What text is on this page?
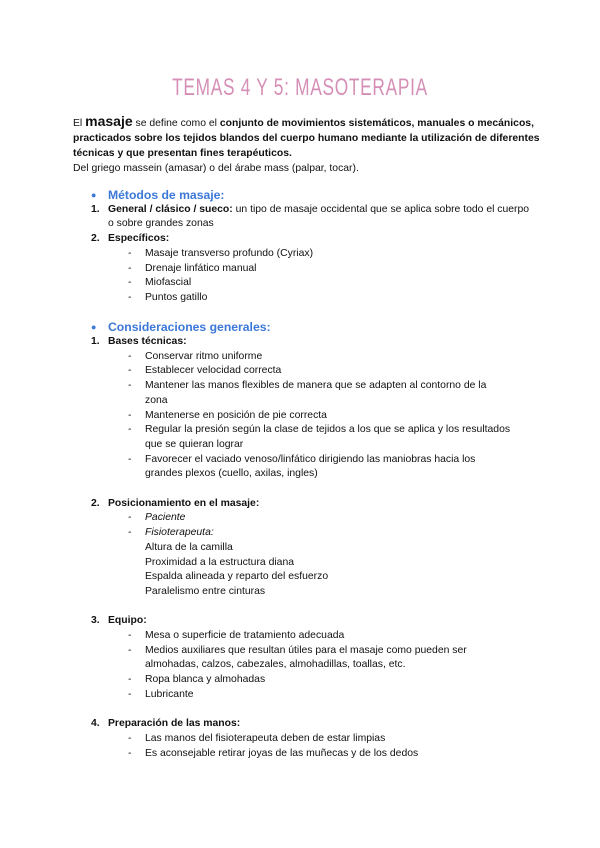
TEMAS 4 Y 5: MASOTERAPIA
El masaje se define como el conjunto de movimientos sistemáticos, manuales o mecánicos, practicados sobre los tejidos blandos del cuerpo humano mediante la utilización de diferentes técnicas y que presentan fines terapéuticos.
Del griego massein (amasar) o del árabe mass (palpar, tocar).
● Métodos de masaje:
1. General / clásico / sueco: un tipo de masaje occidental que se aplica sobre todo el cuerpo o sobre grandes zonas
2. Específicos:
-	Masaje transverso profundo (Cyriax)
-	Drenaje linfático manual
-	Miofascial
-	Puntos gatillo
● Consideraciones generales:
1. Bases técnicas:
-	Conservar ritmo uniforme
-	Establecer velocidad correcta
-	Mantener las manos flexibles de manera que se adapten al contorno de la zona
-	Mantenerse en posición de pie correcta
-	Regular la presión según la clase de tejidos a los que se aplica y los resultados que se quieran lograr
-	Favorecer el vaciado venoso/linfático dirigiendo las maniobras hacia los grandes plexos (cuello, axilas, ingles)
2. Posicionamiento en el masaje:
-	Paciente
-	Fisioterapeuta:
Altura de la camilla
Proximidad a la estructura diana
Espalda alineada y reparto del esfuerzo
Paralelismo entre cinturas
3. Equipo:
-	Mesa o superficie de tratamiento adecuada
-	Medios auxiliares que resultan útiles para el masaje como pueden ser almohadas, calzos, cabezales, almohadillas, toallas, etc.
-	Ropa blanca y almohadas
-	Lubricante
4. Preparación de las manos:
-	Las manos del fisioterapeuta deben de estar limpias
-	Es aconsejable retirar joyas de las muñecas y de los dedos
